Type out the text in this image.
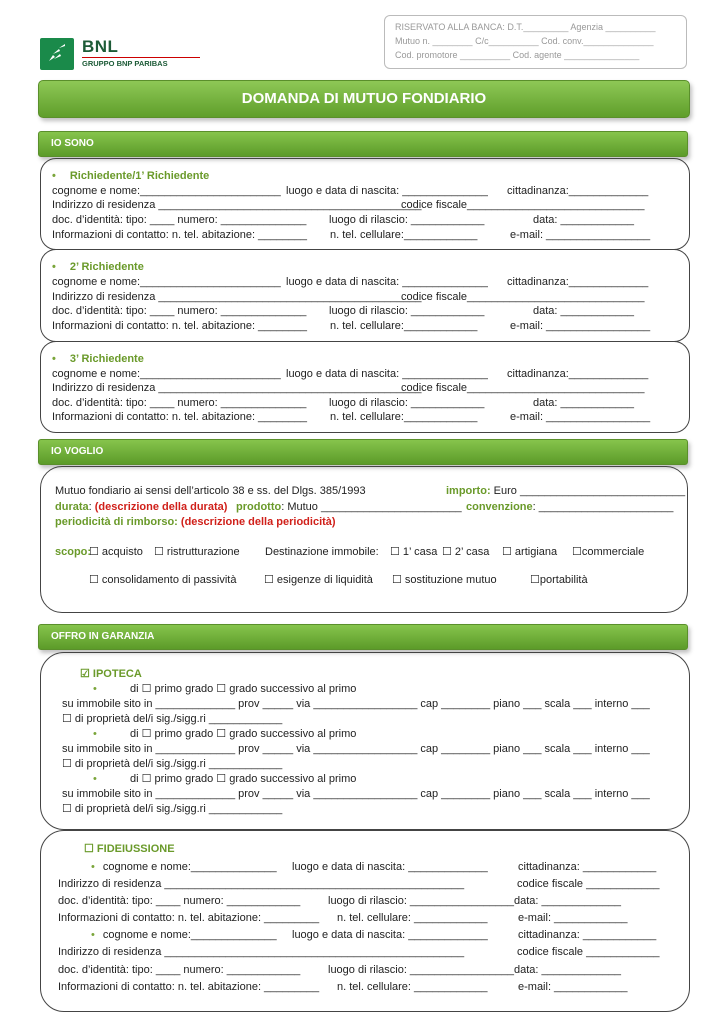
BNL
GRUPPO BNP PARIBAS
RISERVATO ALLA BANCA: D.T._________ Agenzia __________
Mutuo n. ________ C/c__________ Cod. conv.______________
Cod. promotore __________ Cod. agente _______________
DOMANDA DI MUTUO FONDIARIO
IO SONO
• Richiedente/1’ Richiedente
cognome e nome:_______________________ luogo e data di nascita: ______________ cittadinanza:_____________
Indirizzo di residenza ___________________________________________
codice fiscale_____________________________
doc. d’identità: tipo: ____ numero: ______________ luogo di rilascio: ____________	data: ____________
Informazioni di contatto: n. tel. abitazione: ________ n. tel. cellulare:____________	e-mail: _________________
• 2’ Richiedente
cognome e nome:_______________________ luogo e data di nascita: ______________ cittadinanza:_____________
Indirizzo di residenza ___________________________________________
codice fiscale_____________________________
doc. d’identità: tipo: ____ numero: ______________ luogo di rilascio: ____________	data: ____________
Informazioni di contatto: n. tel. abitazione: ________ n. tel. cellulare:____________	e-mail: _________________
• 3’ Richiedente
cognome e nome:_______________________ luogo e data di nascita: ______________ cittadinanza:_____________
Indirizzo di residenza ___________________________________________
codice fiscale_____________________________
doc. d’identità: tipo: ____ numero: ______________ luogo di rilascio: ____________	data: ____________
Informazioni di contatto: n. tel. abitazione: ________ n. tel. cellulare:____________	e-mail: _________________
IO VOGLIO
Mutuo fondiario ai sensi dell’articolo 38 e ss. del Dlgs. 385/1993	importo: Euro ___________________________
durata: (descrizione della durata) prodotto: Mutuo _______________________ convenzione: ______________________
periodicità di rimborso: (descrizione della periodicità)
scopo:
☐ acquisto ☐ ristrutturazione Destinazione immobile: ☐ 1’ casa ☐ 2’ casa ☐ artigiana ☐commerciale
☐ consolidamento di passività	☐ esigenze di liquidità ☐ sostituzione mutuo	☐portabilità
OFFRO IN GARANZIA
☑ IPOTECA
•	di ☐ primo grado ☐ grado successivo al primo
su immobile sito in _____________ prov _____ via _________________ cap ________ piano ___ scala ___ interno ___
☐ di proprietà del/i sig./sigg.ri ____________
•	di ☐ primo grado ☐ grado successivo al primo
su immobile sito in _____________ prov _____ via _________________ cap ________ piano ___ scala ___ interno ___
☐ di proprietà del/i sig./sigg.ri ____________
•	di ☐ primo grado ☐ grado successivo al primo
su immobile sito in _____________ prov _____ via _________________ cap ________ piano ___ scala ___ interno ___
☐ di proprietà del/i sig./sigg.ri ____________
☐ FIDEIUSSIONE
• cognome e nome:______________ luogo e data di nascita: _____________	cittadinanza: ____________
Indirizzo di residenza _________________________________________________	codice fiscale ____________
doc. d’identità: tipo: ____ numero: ____________	luogo di rilascio: _________________ data: _____________
Informazioni di contatto: n. tel. abitazione: _________ n. tel. cellulare: ____________	e-mail: ____________
• cognome e nome:______________ luogo e data di nascita: _____________	cittadinanza: ____________
Indirizzo di residenza _________________________________________________	codice fiscale ____________
doc. d’identità: tipo: ____ numero: ____________	luogo di rilascio: _________________ data: _____________
Informazioni di contatto: n. tel. abitazione: _________ n. tel. cellulare: ____________	e-mail: ____________
